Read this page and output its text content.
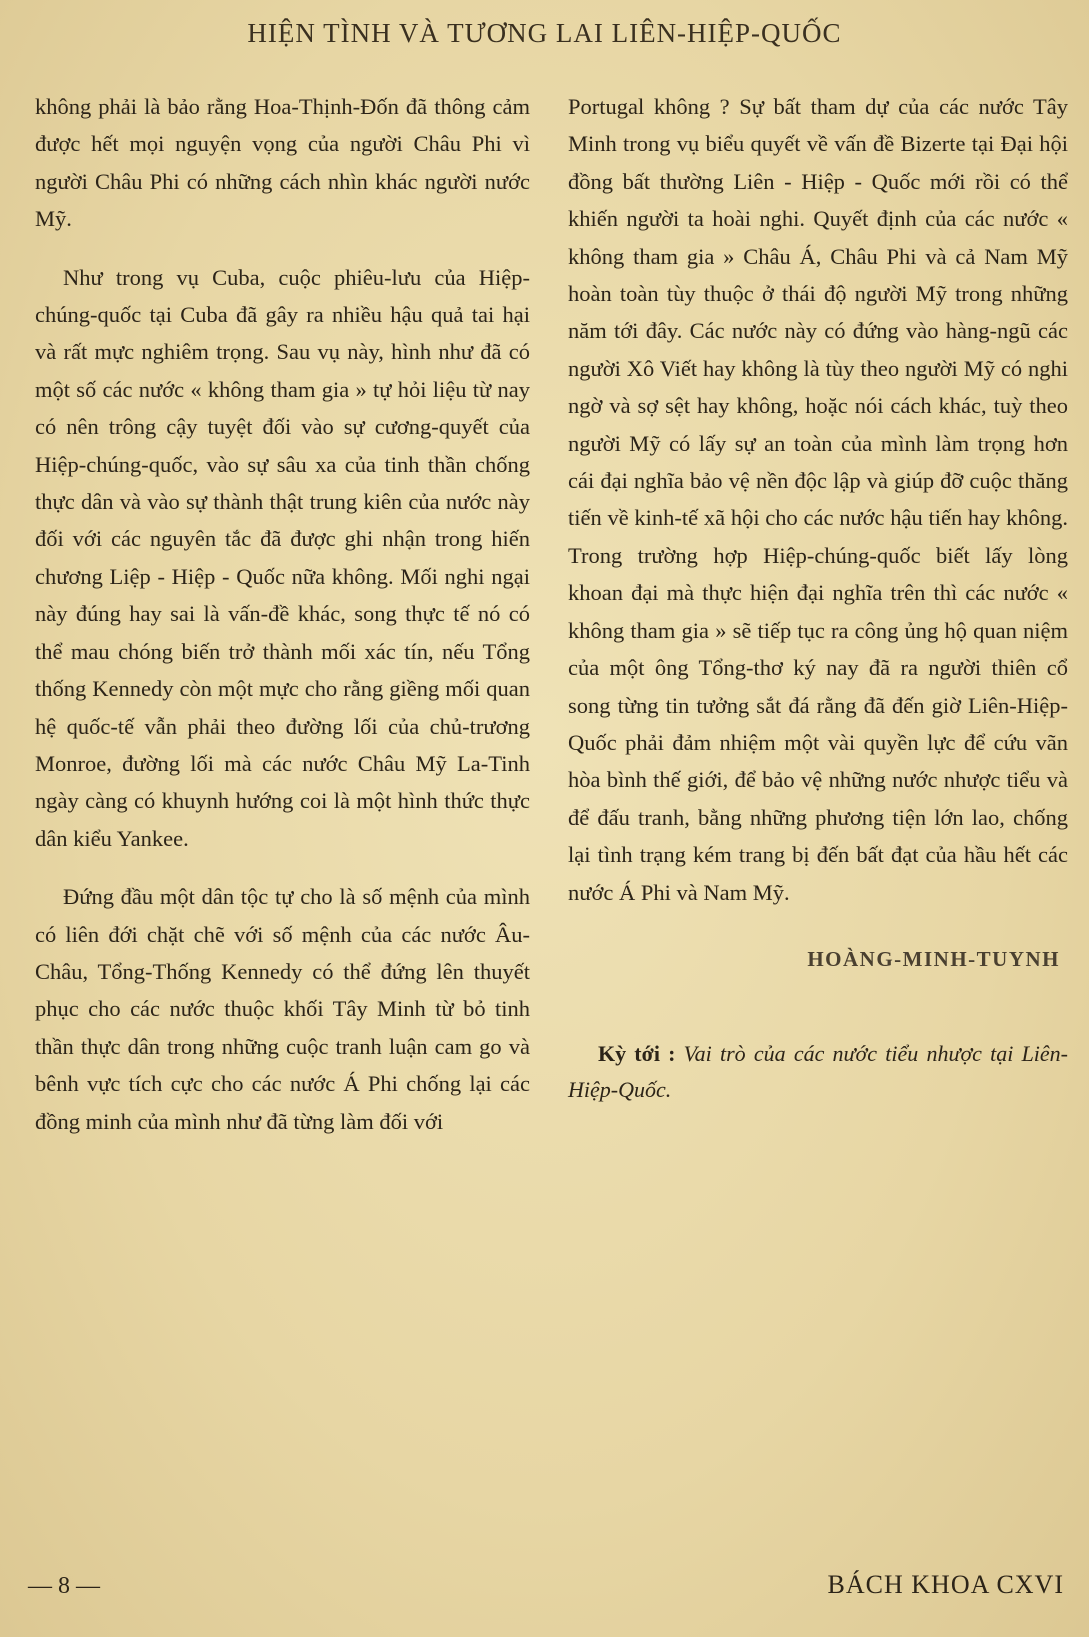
HIỆN TÌNH VÀ TƯƠNG LAI LIÊN-HIỆP-QUỐC

không phải là bảo rằng Hoa-Thịnh-Đốn đã thông cảm được hết mọi nguyện vọng của người Châu Phi vì người Châu Phi có những cách nhìn khác người nước Mỹ.

Như trong vụ Cuba, cuộc phiêu-lưu của Hiệp-chúng-quốc tại Cuba đã gây ra nhiều hậu quả tai hại và rất mực nghiêm trọng. Sau vụ này, hình như đã có một số các nước « không tham gia » tự hỏi liệu từ nay có nên trông cậy tuyệt đối vào sự cương-quyết của Hiệp-chúng-quốc, vào sự sâu xa của tinh thần chống thực dân và vào sự thành thật trung kiên của nước này đối với các nguyên tắc đã được ghi nhận trong hiến chương Liệp - Hiệp - Quốc nữa không. Mối nghi ngại này đúng hay sai là vấn-đề khác, song thực tế nó có thể mau chóng biến trở thành mối xác tín, nếu Tổng thống Kennedy còn một mực cho rằng giềng mối quan hệ quốc-tế vẫn phải theo đường lối của chủ-trương Monroe, đường lối mà các nước Châu Mỹ La-Tinh ngày càng có khuynh hướng coi là một hình thức thực dân kiểu Yankee.

Đứng đầu một dân tộc tự cho là số mệnh của mình có liên đới chặt chẽ với số mệnh của các nước Âu-Châu, Tổng-Thống Kennedy có thể đứng lên thuyết phục cho các nước thuộc khối Tây Minh từ bỏ tinh thần thực dân trong những cuộc tranh luận cam go và bênh vực tích cực cho các nước Á Phi chống lại các đồng minh của mình như đã từng làm đối với

Portugal không ? Sự bất tham dự của các nước Tây Minh trong vụ biểu quyết về vấn đề Bizerte tại Đại hội đồng bất thường Liên - Hiệp - Quốc mới rồi có thể khiến người ta hoài nghi. Quyết định của các nước « không tham gia » Châu Á, Châu Phi và cả Nam Mỹ hoàn toàn tùy thuộc ở thái độ người Mỹ trong những năm tới đây. Các nước này có đứng vào hàng-ngũ các người Xô Viết hay không là tùy theo người Mỹ có nghi ngờ và sợ sệt hay không, hoặc nói cách khác, tuỳ theo người Mỹ có lấy sự an toàn của mình làm trọng hơn cái đại nghĩa bảo vệ nền độc lập và giúp đỡ cuộc thăng tiến về kinh-tế xã hội cho các nước hậu tiến hay không. Trong trường hợp Hiệp-chúng-quốc biết lấy lòng khoan đại mà thực hiện đại nghĩa trên thì các nước « không tham gia » sẽ tiếp tục ra công ủng hộ quan niệm của một ông Tổng-thơ ký nay đã ra người thiên cổ song từng tin tưởng sắt đá rằng đã đến giờ Liên-Hiệp-Quốc phải đảm nhiệm một vài quyền lực để cứu vãn hòa bình thế giới, để bảo vệ những nước nhược tiểu và để đấu tranh, bằng những phương tiện lớn lao, chống lại tình trạng kém trang bị đến bất đạt của hầu hết các nước Á Phi và Nam Mỹ.

HOÀNG-MINH-TUYNH
Kỳ tới : Vai trò của các nước tiểu nhược tại Liên-Hiệp-Quốc.
— 8 —	BÁCH KHOA CXVI
